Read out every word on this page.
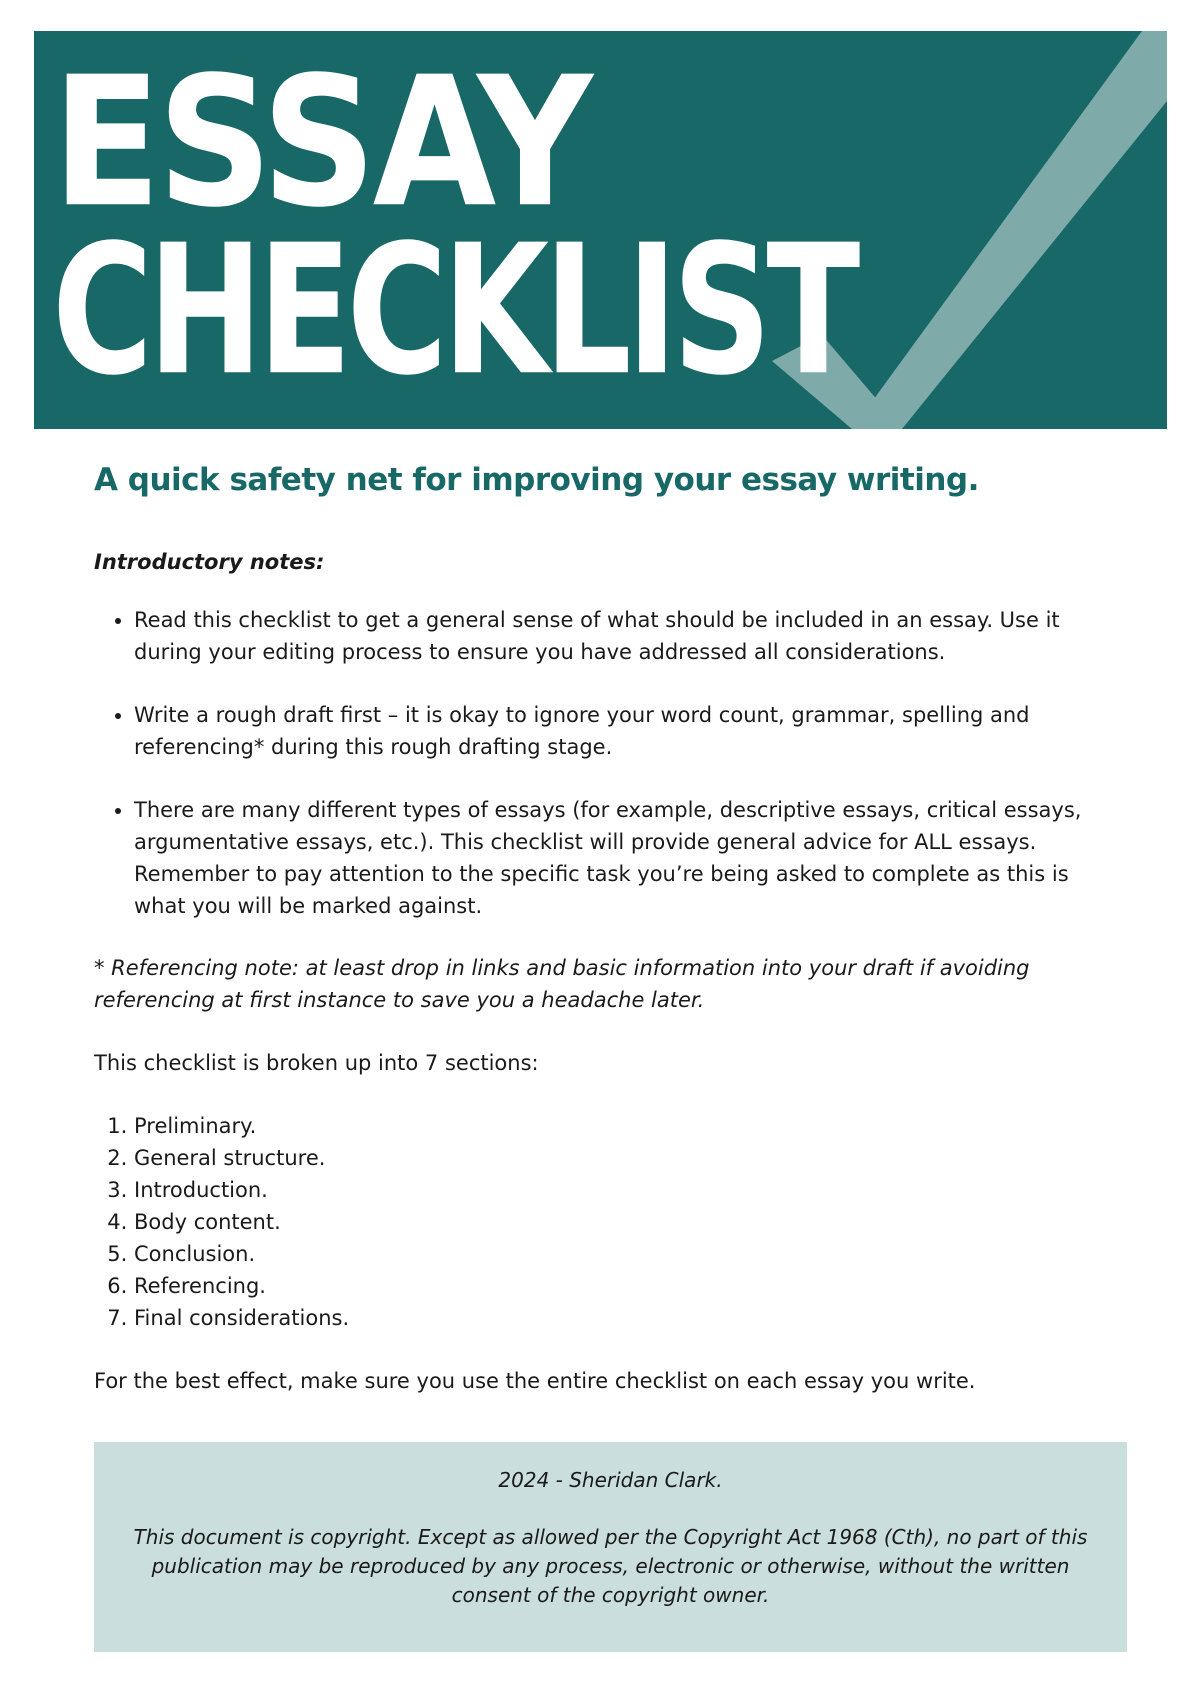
ESSAY
CHECKLIST
A quick safety net for improving your essay writing.

Introductory notes:

• Read this checklist to get a general sense of what should be included in an essay. Use it during your editing process to ensure you have addressed all considerations.
• Write a rough draft first – it is okay to ignore your word count, grammar, spelling and referencing* during this rough drafting stage.
• There are many different types of essays (for example, descriptive essays, critical essays, argumentative essays, etc.). This checklist will provide general advice for ALL essays. Remember to pay attention to the specific task you’re being asked to complete as this is what you will be marked against.

* Referencing note: at least drop in links and basic information into your draft if avoiding referencing at first instance to save you a headache later.

This checklist is broken up into 7 sections:

1. Preliminary.
2. General structure.
3. Introduction.
4. Body content.
5. Conclusion.
6. Referencing.
7. Final considerations.

For the best effect, make sure you use the entire checklist on each essay you write.

2024 - Sheridan Clark.

This document is copyright. Except as allowed per the Copyright Act 1968 (Cth), no part of this publication may be reproduced by any process, electronic or otherwise, without the written consent of the copyright owner.
